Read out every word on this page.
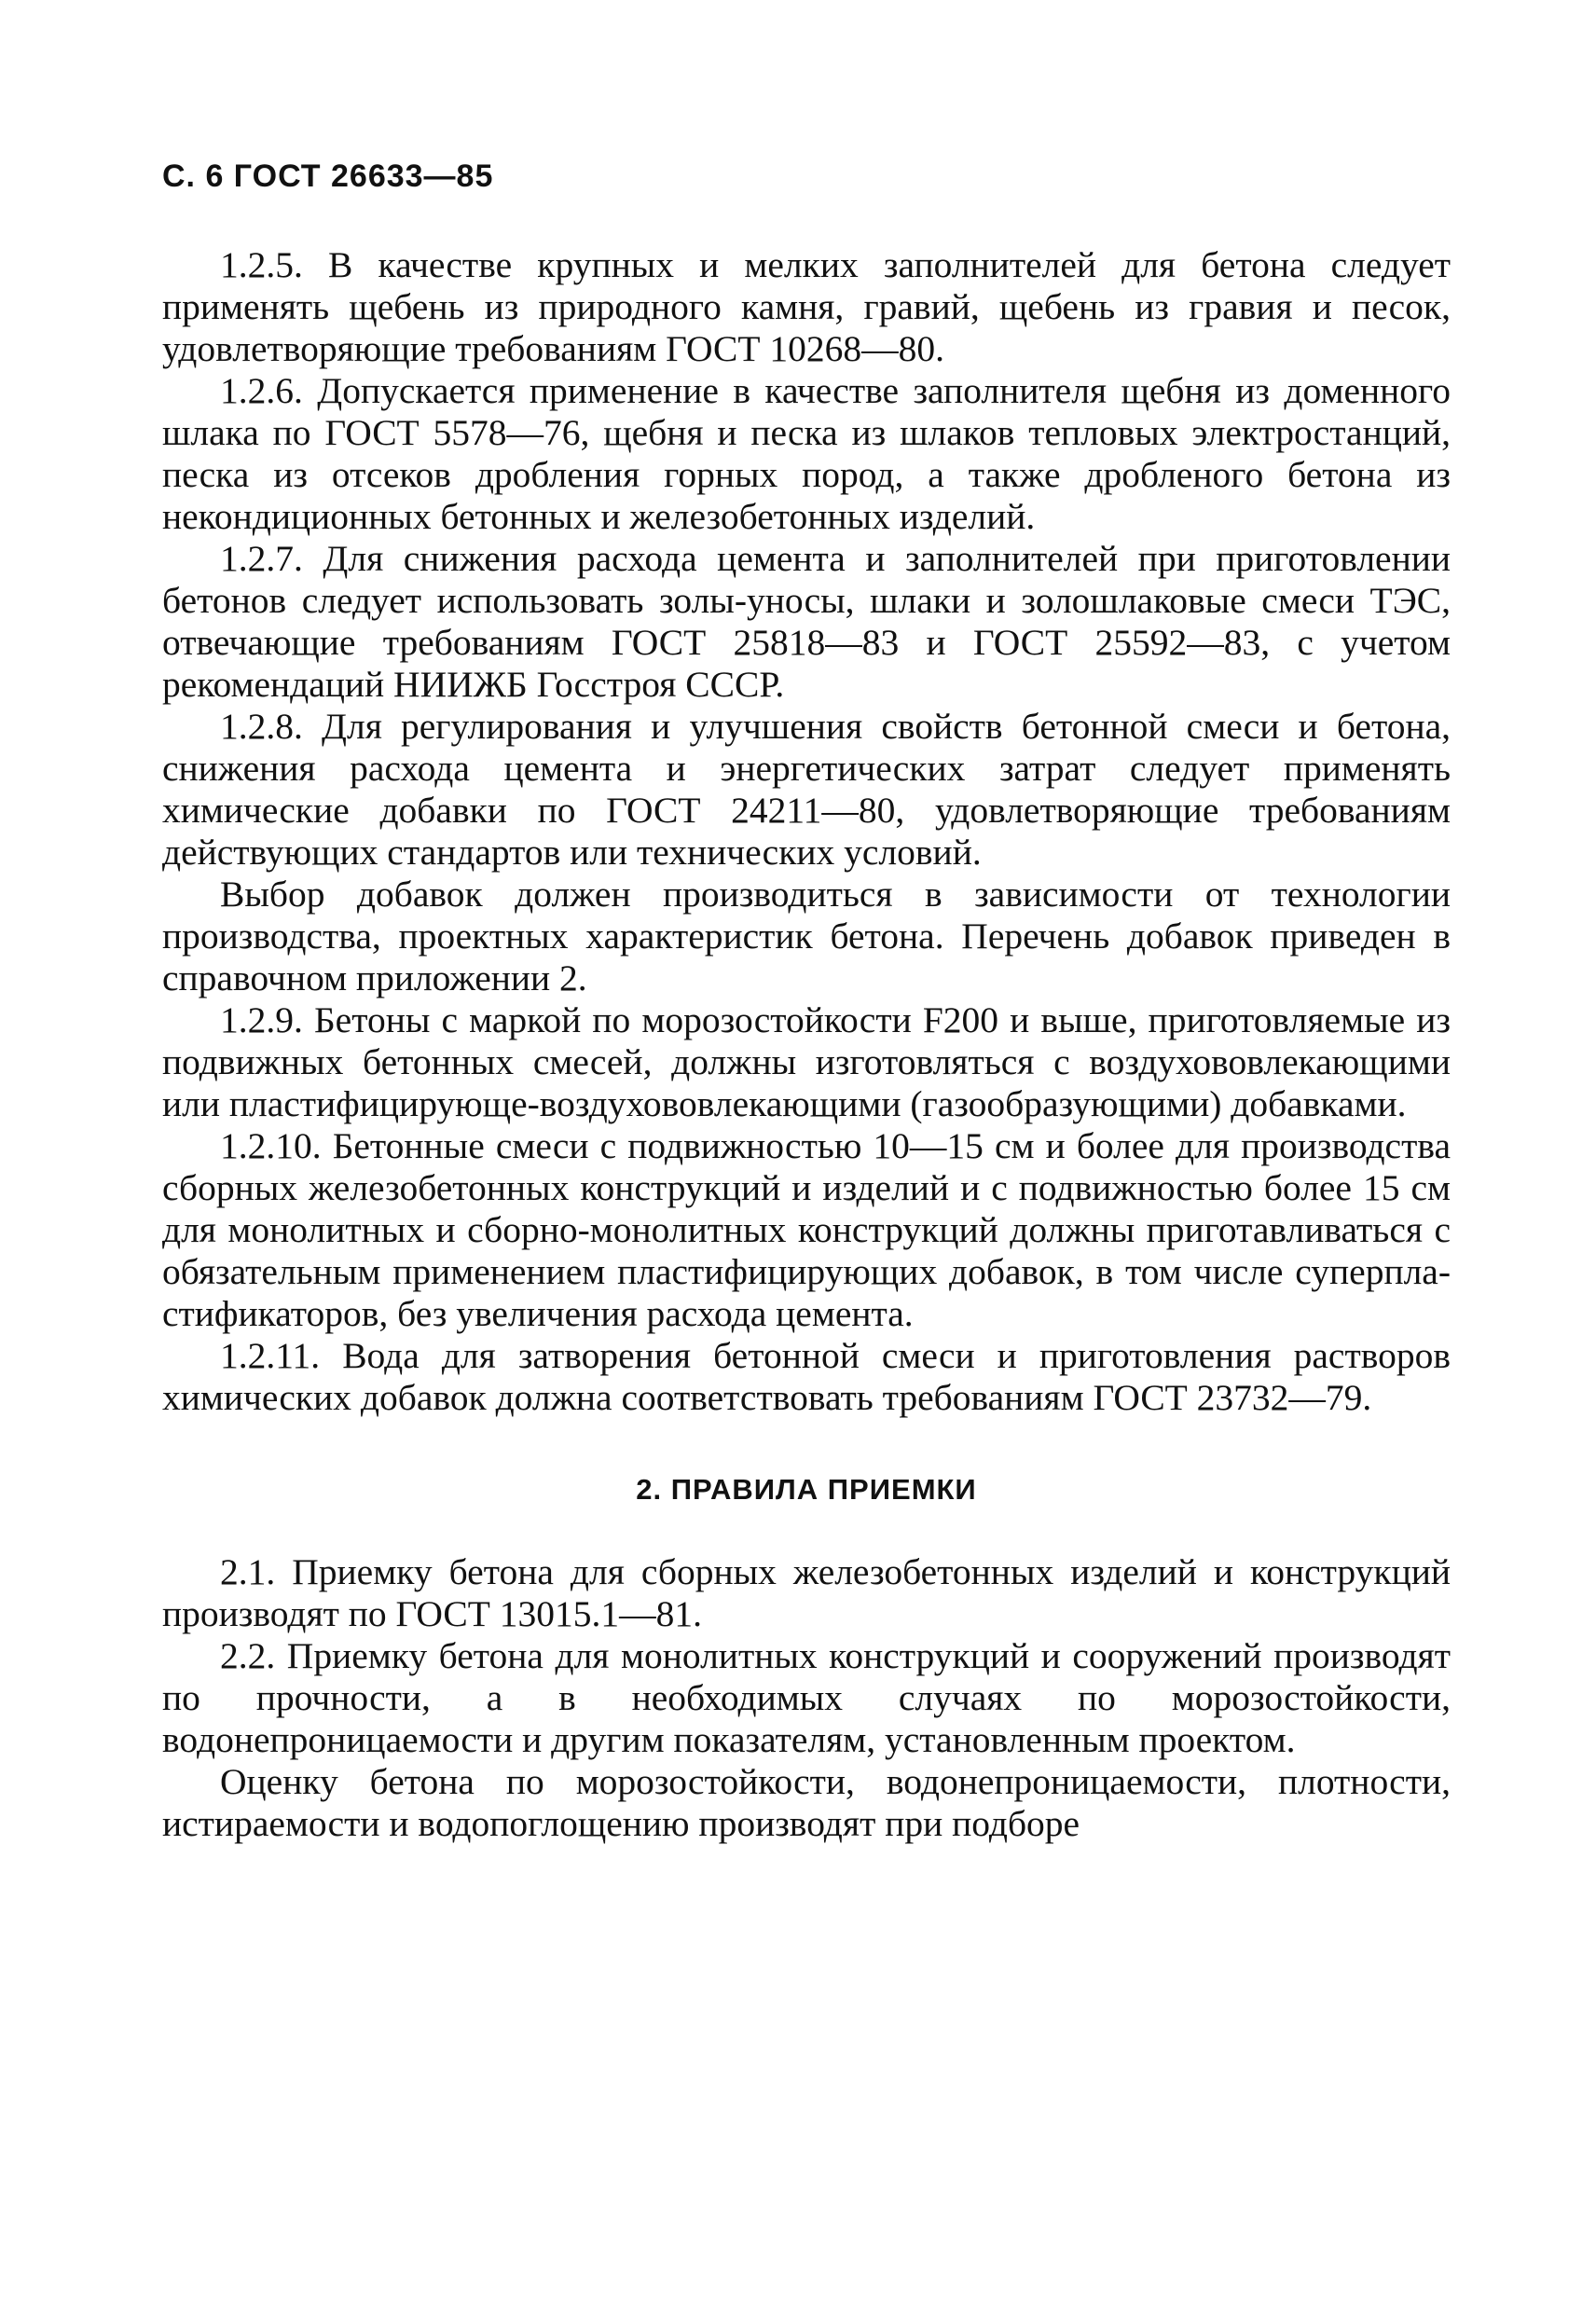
С. 6 ГОСТ 26633—85

1.2.5. В качестве крупных и мелких заполнителей для бетона следует применять щебень из природного камня, гравий, щебень из гравия и песок, удовлетворяющие требованиям ГОСТ 10268—80.

1.2.6. Допускается применение в качестве заполнителя щебня из доменного шлака по ГОСТ 5578—76, щебня и песка из шлаков тепловых электростанций, песка из отсеков дробления горных пород, а также дробленого бетона из некондиционных бетонных и железобетонных изделий.

1.2.7. Для снижения расхода цемента и заполнителей при приготовлении бетонов следует использовать золы-уносы, шлаки и золошлаковые смеси ТЭС, отвечающие требованиям ГОСТ 25818—83 и ГОСТ 25592—83, с учетом рекомендаций НИИЖБ Госстроя СССР.

1.2.8. Для регулирования и улучшения свойств бетонной смеси и бетона, снижения расхода цемента и энергетических затрат следует применять химические добавки по ГОСТ 24211—80, удовлетворяющие требованиям действующих стандартов или технических условий.

Выбор добавок должен производиться в зависимости от технологии производства, проектных характеристик бетона. Перечень добавок приведен в справочном приложении 2.

1.2.9. Бетоны с маркой по морозостойкости F200 и выше, приготовляемые из подвижных бетонных смесей, должны изготовляться с воздухововлекающими или пластифицирующе-воздухововлекающими (газообразующими) добавками.

1.2.10. Бетонные смеси с подвижностью 10—15 см и более для производства сборных железобетонных конструкций и изделий и с подвижностью более 15 см для монолитных и сборно-монолитных конструкций должны приготавливаться с обязательным применением пластифицирующих добавок, в том числе суперпластификаторов, без увеличения расхода цемента.

1.2.11. Вода для затворения бетонной смеси и приготовления растворов химических добавок должна соответствовать требованиям ГОСТ 23732—79.

2. ПРАВИЛА ПРИЕМКИ

2.1. Приемку бетона для сборных железобетонных изделий и конструкций производят по ГОСТ 13015.1—81.

2.2. Приемку бетона для монолитных конструкций и сооружений производят по прочности, а в необходимых случаях по морозостойкости, водонепроницаемости и другим показателям, установленным проектом.

Оценку бетона по морозостойкости, водонепроницаемости, плотности, истираемости и водопоглощению производят при подборе
